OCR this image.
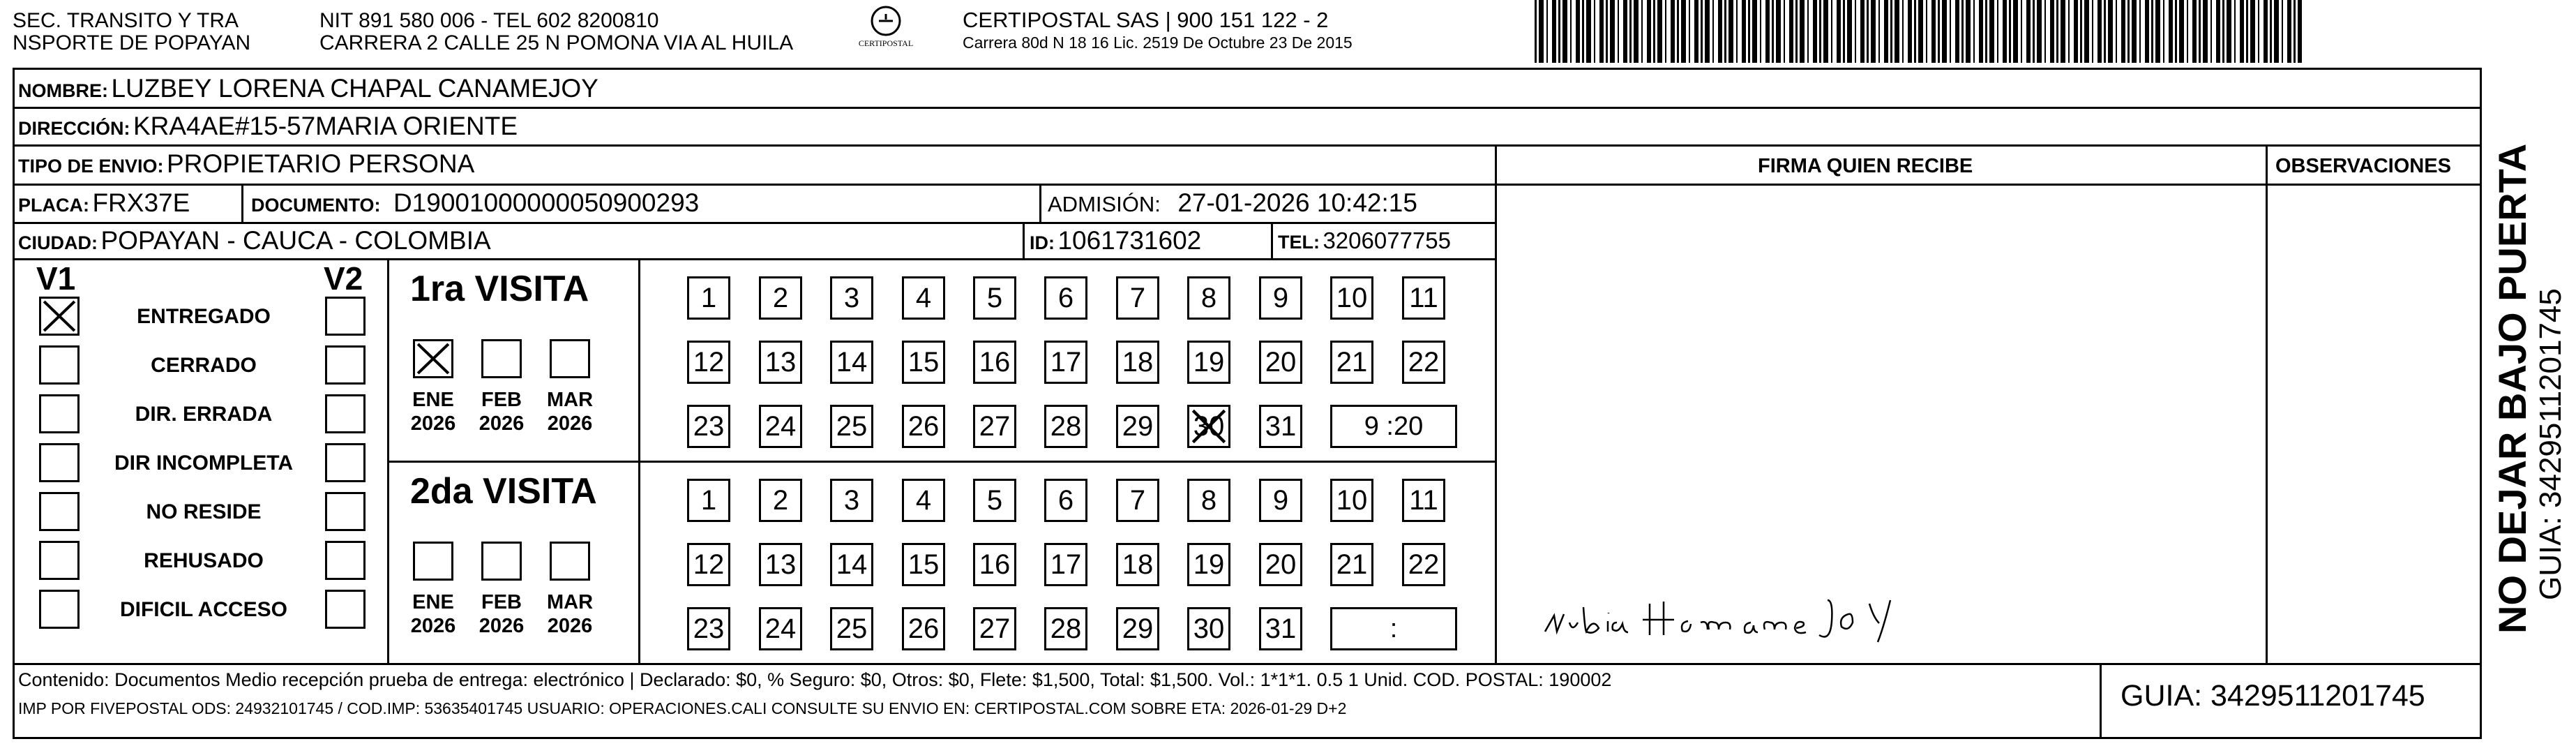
SEC. TRANSITO Y TRA
NSPORTE DE POPAYAN
NIT 891 580 006 - TEL 602 8200810
CARRERA 2 CALLE 25 N POMONA VIA AL HUILA	CERTIPOSTAL
CERTIPOSTAL SAS | 900 151 122 - 2
Carrera 80d N 18 16 Lic. 2519 De Octubre 23 De 2015
NOMBRE: LUZBEY LORENA CHAPAL CANAMEJOY
DIRECCIÓN: KRA4AE#15-57MARIA ORIENTE
TIPO DE ENVIO: PROPIETARIO PERSONA	FIRMA QUIEN RECIBE	OBSERVACIONES
PLACA: FRX37E	DOCUMENTO: D19001000000050900293	ADMISIÓN: 27-01-2026 10:42:15
CIUDAD: POPAYAN - CAUCA - COLOMBIA	ID: 1061731602	TEL: 3206077755
V1	V2
ENTREGADO
CERRADO
DIR. ERRADA
DIR INCOMPLETA
NO RESIDE
REHUSADO
DIFICIL ACCESO
1ra VISITA
ENE
2026
FEB
2026
MAR
2026
1	2	3	4	5	6	7	8	9	10 11
12 13 14 15 16 17 18 19 20 21 22
23 24 25 26 27 28 29 30 31	9 :20
2da VISITA
ENE
2026
FEB
2026
MAR
2026
1	2	3	4	5	6	7	8	9	10 11
12 13 14 15 16 17 18 19 20 21 22
23 24 25 26 27 28 29 30 31	:
Contenido: Documentos Medio recepción prueba de entrega: electrónico | Declarado: $0, % Seguro: $0, Otros: $0, Flete: $1,500, Total: $1,500. Vol.: 1*1*1. 0.5 1 Unid. COD. POSTAL: 190002
IMP POR FIVEPOSTAL ODS: 24932101745 / COD.IMP: 53635401745 USUARIO: OPERACIONES.CALI CONSULTE SU ENVIO EN: CERTIPOSTAL.COM SOBRE ETA: 2026-01-29 D+2	GUIA: 3429511201745
NO DEJAR BAJO PUERTA GUIA: 3429511201745
